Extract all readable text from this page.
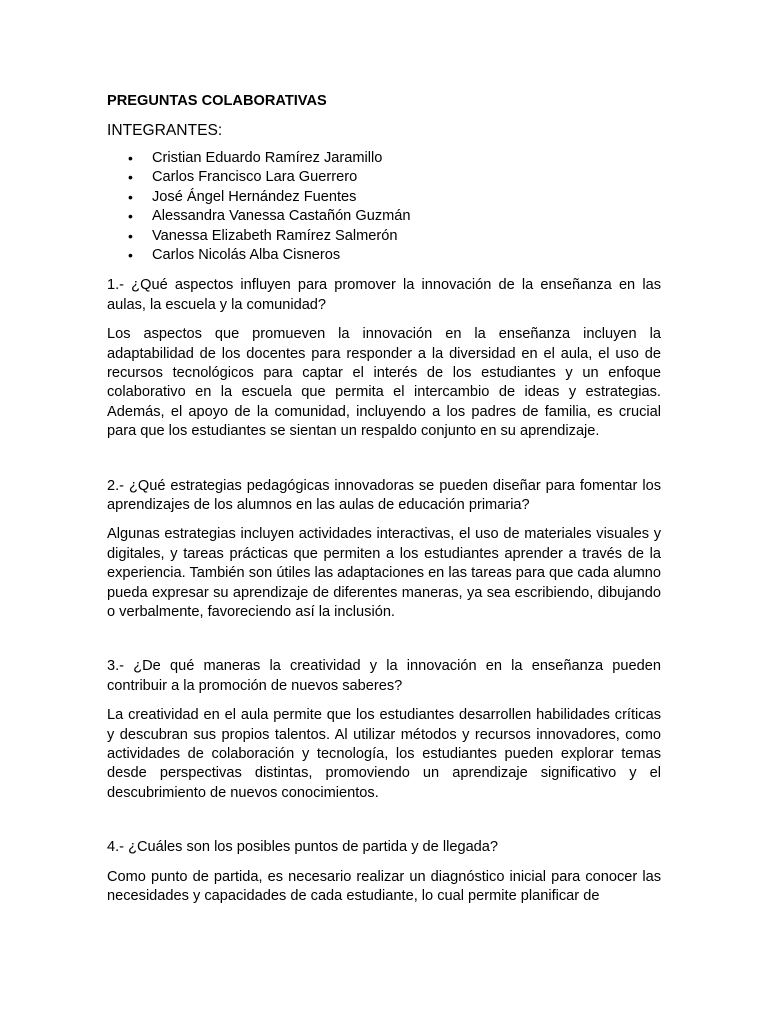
PREGUNTAS COLABORATIVAS

INTEGRANTES:

• Cristian Eduardo Ramírez Jaramillo
• Carlos Francisco Lara Guerrero
• José Ángel Hernández Fuentes
• Alessandra Vanessa Castañón Guzmán
• Vanessa Elizabeth Ramírez Salmerón
• Carlos Nicolás Alba Cisneros

1.- ¿Qué aspectos influyen para promover la innovación de la enseñanza en las aulas, la escuela y la comunidad?

Los aspectos que promueven la innovación en la enseñanza incluyen la adaptabilidad de los docentes para responder a la diversidad en el aula, el uso de recursos tecnológicos para captar el interés de los estudiantes y un enfoque colaborativo en la escuela que permita el intercambio de ideas y estrategias. Además, el apoyo de la comunidad, incluyendo a los padres de familia, es crucial para que los estudiantes se sientan un respaldo conjunto en su aprendizaje.

2.- ¿Qué estrategias pedagógicas innovadoras se pueden diseñar para fomentar los aprendizajes de los alumnos en las aulas de educación primaria?

Algunas estrategias incluyen actividades interactivas, el uso de materiales visuales y digitales, y tareas prácticas que permiten a los estudiantes aprender a través de la experiencia. También son útiles las adaptaciones en las tareas para que cada alumno pueda expresar su aprendizaje de diferentes maneras, ya sea escribiendo, dibujando o verbalmente, favoreciendo así la inclusión.

3.- ¿De qué maneras la creatividad y la innovación en la enseñanza pueden contribuir a la promoción de nuevos saberes?

La creatividad en el aula permite que los estudiantes desarrollen habilidades críticas y descubran sus propios talentos. Al utilizar métodos y recursos innovadores, como actividades de colaboración y tecnología, los estudiantes pueden explorar temas desde perspectivas distintas, promoviendo un aprendizaje significativo y el descubrimiento de nuevos conocimientos.

4.- ¿Cuáles son los posibles puntos de partida y de llegada?

Como punto de partida, es necesario realizar un diagnóstico inicial para conocer las necesidades y capacidades de cada estudiante, lo cual permite planificar de
